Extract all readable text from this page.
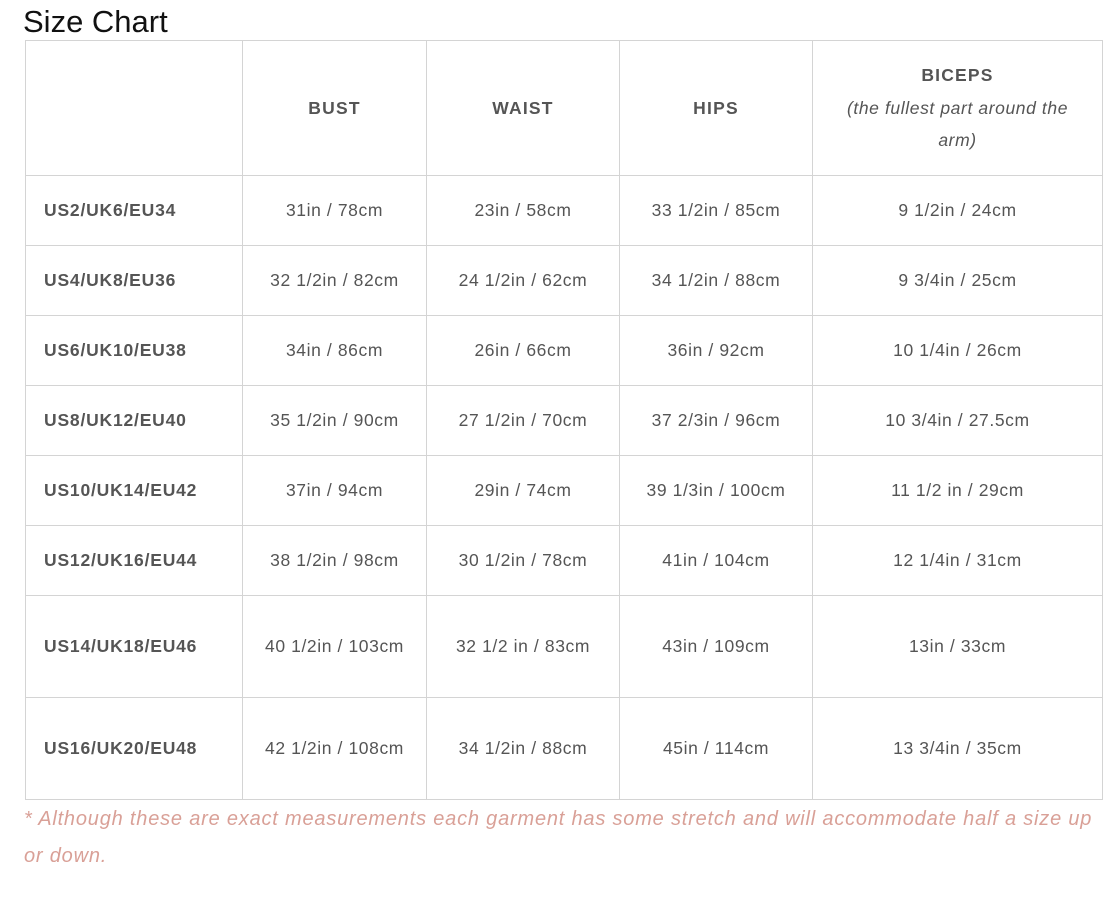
Size Chart
	BUST	WAIST	HIPS	BICEPS
(the fullest part around the arm)

US2/UK6/EU34	31in / 78cm	23in / 58cm	33 1/2in / 85cm	9 1/2in / 24cm
US4/UK8/EU36	32 1/2in / 82cm	24 1/2in / 62cm	34 1/2in / 88cm	9 3/4in / 25cm
US6/UK10/EU38	34in / 86cm	26in / 66cm	36in / 92cm	10 1/4in / 26cm
US8/UK12/EU40	35 1/2in / 90cm	27 1/2in / 70cm	37 2/3in / 96cm	10 3/4in / 27.5cm
US10/UK14/EU42	37in / 94cm	29in / 74cm	39 1/3in / 100cm	11 1/2 in / 29cm
US12/UK16/EU44	38 1/2in / 98cm	30 1/2in / 78cm	41in / 104cm	12 1/4in / 31cm
US14/UK18/EU46	40 1/2in / 103cm	32 1/2 in / 83cm	43in / 109cm	13in / 33cm
US16/UK20/EU48	42 1/2in / 108cm	34 1/2in / 88cm	45in / 114cm	13 3/4in / 35cm

* Although these are exact measurements each garment has some stretch and will accommodate half a size up or down.
